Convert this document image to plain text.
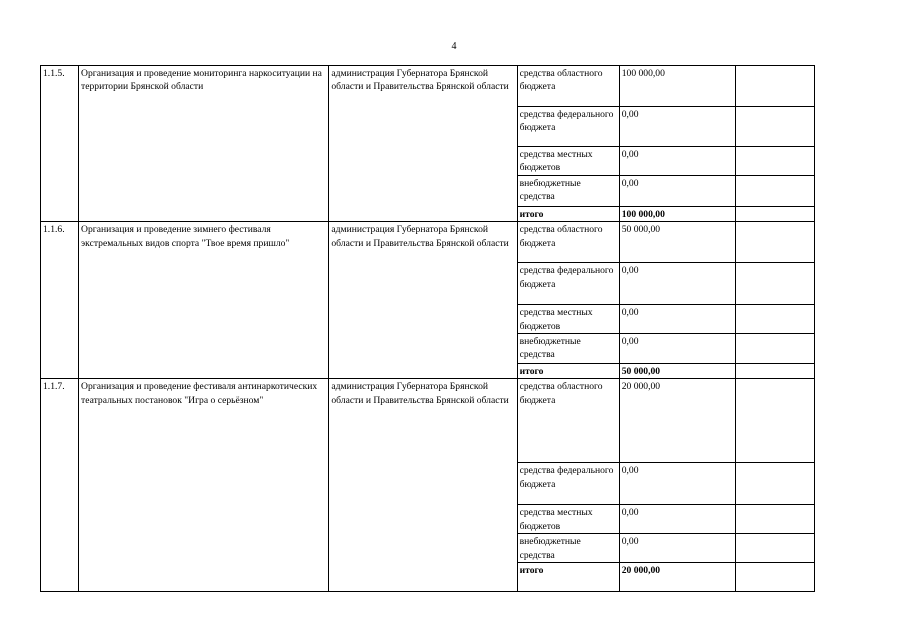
4
1.1.5.	Организация и проведение мониторинга наркоситуации на территории Брянской области	администрация Губернатора Брянской области и Правительства Брянской области	средства областного бюджета	100 000,00	
			средства федерального бюджета	0,00	
			средства местных бюджетов	0,00	
			внебюджетные средства	0,00	
			итого	100 000,00	
1.1.6.	Организация и проведение зимнего фестиваля экстремальных видов спорта "Твое время пришло"	администрация Губернатора Брянской области и Правительства Брянской области	средства областного бюджета	50 000,00	
			средства федерального бюджета	0,00	
			средства местных бюджетов	0,00	
			внебюджетные средства	0,00	
			итого	50 000,00	
1.1.7.	Организация и проведение фестиваля антинаркотических театральных постановок "Игра о серьёзном"	администрация Губернатора Брянской области и Правительства Брянской области	средства областного бюджета	20 000,00	
			средства федерального бюджета	0,00	
			средства местных бюджетов	0,00	
			внебюджетные средства	0,00	
			итого	20 000,00	
